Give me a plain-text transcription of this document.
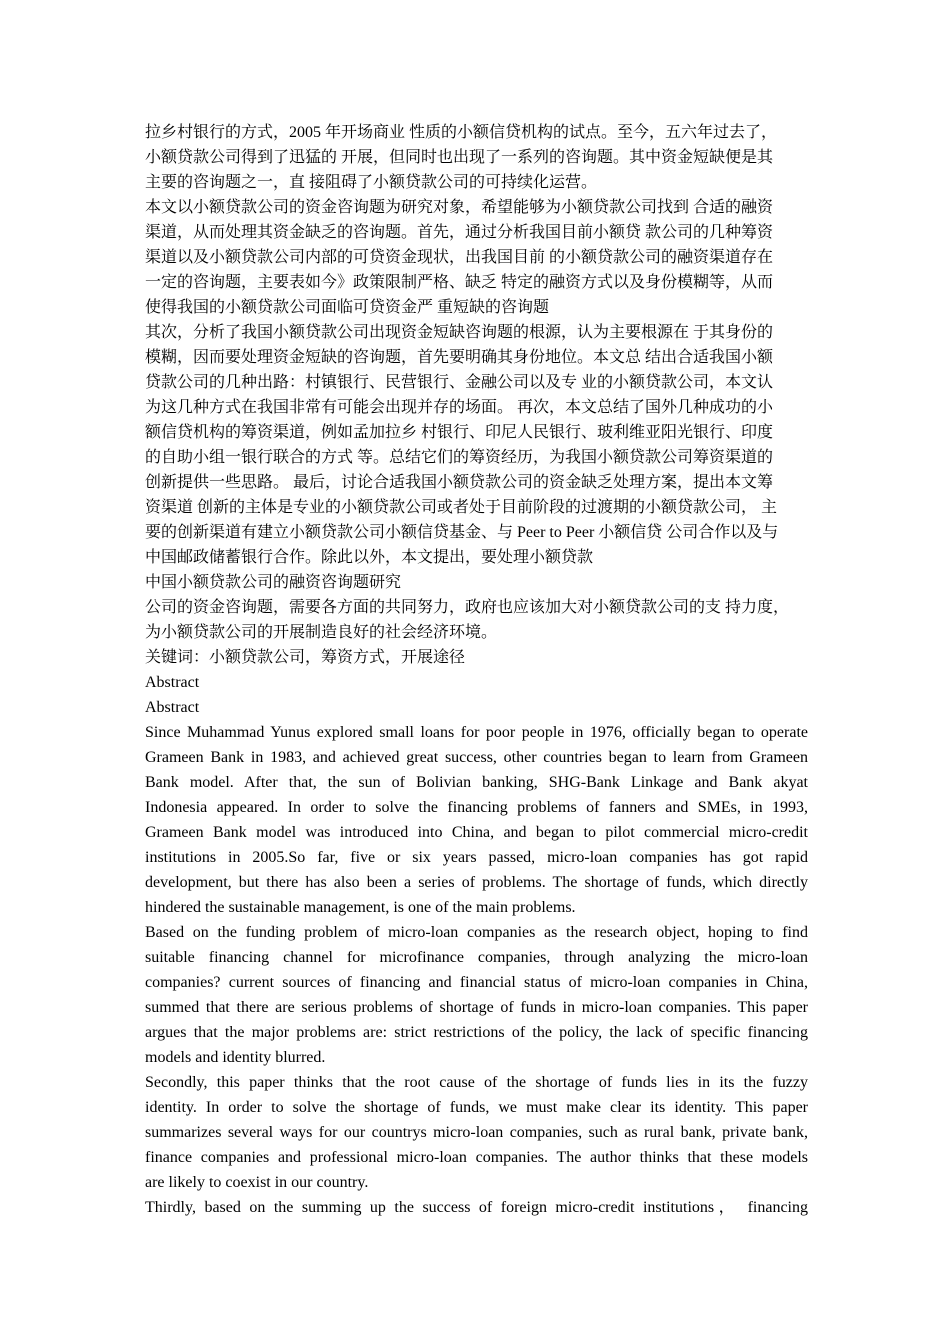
拉乡村银行的方式，2005 年开场商业 性质的小额信贷机构的试点。至今，五六年过去了，
小额贷款公司得到了迅猛的 开展，但同时也出现了一系列的咨询题。其中资金短缺便是其
主要的咨询题之一，直 接阻碍了小额贷款公司的可持续化运营。
本文以小额贷款公司的资金咨询题为研究对象，希望能够为小额贷款公司找到 合适的融资
渠道，从而处理其资金缺乏的咨询题。首先，通过分析我国目前小额贷 款公司的几种筹资
渠道以及小额贷款公司内部的可贷资金现状，出我国目前 的小额贷款公司的融资渠道存在
一定的咨询题，主要表如今》政策限制严格、缺乏 特定的融资方式以及身份模糊等，从而
使得我国的小额贷款公司面临可贷资金严 重短缺的咨询题
其次，分析了我国小额贷款公司出现资金短缺咨询题的根源，认为主要根源在 于其身份的
模糊，因而要处理资金短缺的咨询题，首先要明确其身份地位。本文总 结出合适我国小额
贷款公司的几种出路：村镇银行、民营银行、金融公司以及专 业的小额贷款公司，本文认
为这几种方式在我国非常有可能会出现并存的场面。 再次，本文总结了国外几种成功的小
额信贷机构的筹资渠道，例如孟加拉乡 村银行、印尼人民银行、玻利维亚阳光银行、印度
的自助小组一银行联合的方式 等。总结它们的筹资经历，为我国小额贷款公司筹资渠道的
创新提供一些思路。 最后，讨论合适我国小额贷款公司的资金缺乏处理方案，提出本文筹
资渠道 创新的主体是专业的小额贷款公司或者处于目前阶段的过渡期的小额贷款公司， 主
要的创新渠道有建立小额贷款公司小额信贷基金、与 Peer to Peer 小额信贷 公司合作以及与
中国邮政储蓄银行合作。除此以外，本文提出，要处理小额贷款
中国小额贷款公司的融资咨询题研究
公司的资金咨询题，需要各方面的共同努力，政府也应该加大对小额贷款公司的支 持力度，
为小额贷款公司的开展制造良好的社会经济环境。
关键词：小额贷款公司，筹资方式，开展途径
Abstract
Abstract
Since Muhammad Yunus explored small loans for poor people in 1976, officially began to operate
Grameen Bank in 1983, and achieved great success, other countries began to learn from Grameen
Bank model. After that, the sun of Bolivian banking, SHG-Bank Linkage and Bank akyat
Indonesia appeared. In order to solve the financing problems of fanners and SMEs, in 1993,
Grameen Bank model was introduced into China, and began to pilot commercial micro-credit
institutions in 2005.So far, five or six years passed, micro-loan companies has got rapid
development, but there has also been a series of problems. The shortage of funds, which directly
hindered the sustainable management, is one of the main problems.
Based on the funding problem of micro-loan companies as the research object, hoping to find
suitable financing channel for microfinance companies, through analyzing the micro-loan
companies? current sources of financing and financial status of micro-loan companies in China,
summed that there are serious problems of shortage of funds in micro-loan companies. This paper
argues that the major problems are: strict restrictions of the policy, the lack of specific financing
models and identity blurred.
Secondly, this paper thinks that the root cause of the shortage of funds lies in its the fuzzy
identity. In order to solve the shortage of funds, we must make clear its identity. This paper
summarizes several ways for our countrys micro-loan companies, such as rural bank, private bank,
finance companies and professional micro-loan companies. The author thinks that these models
are likely to coexist in our country.
Thirdly, based on the summing up the success of foreign micro-credit institutions， financing
